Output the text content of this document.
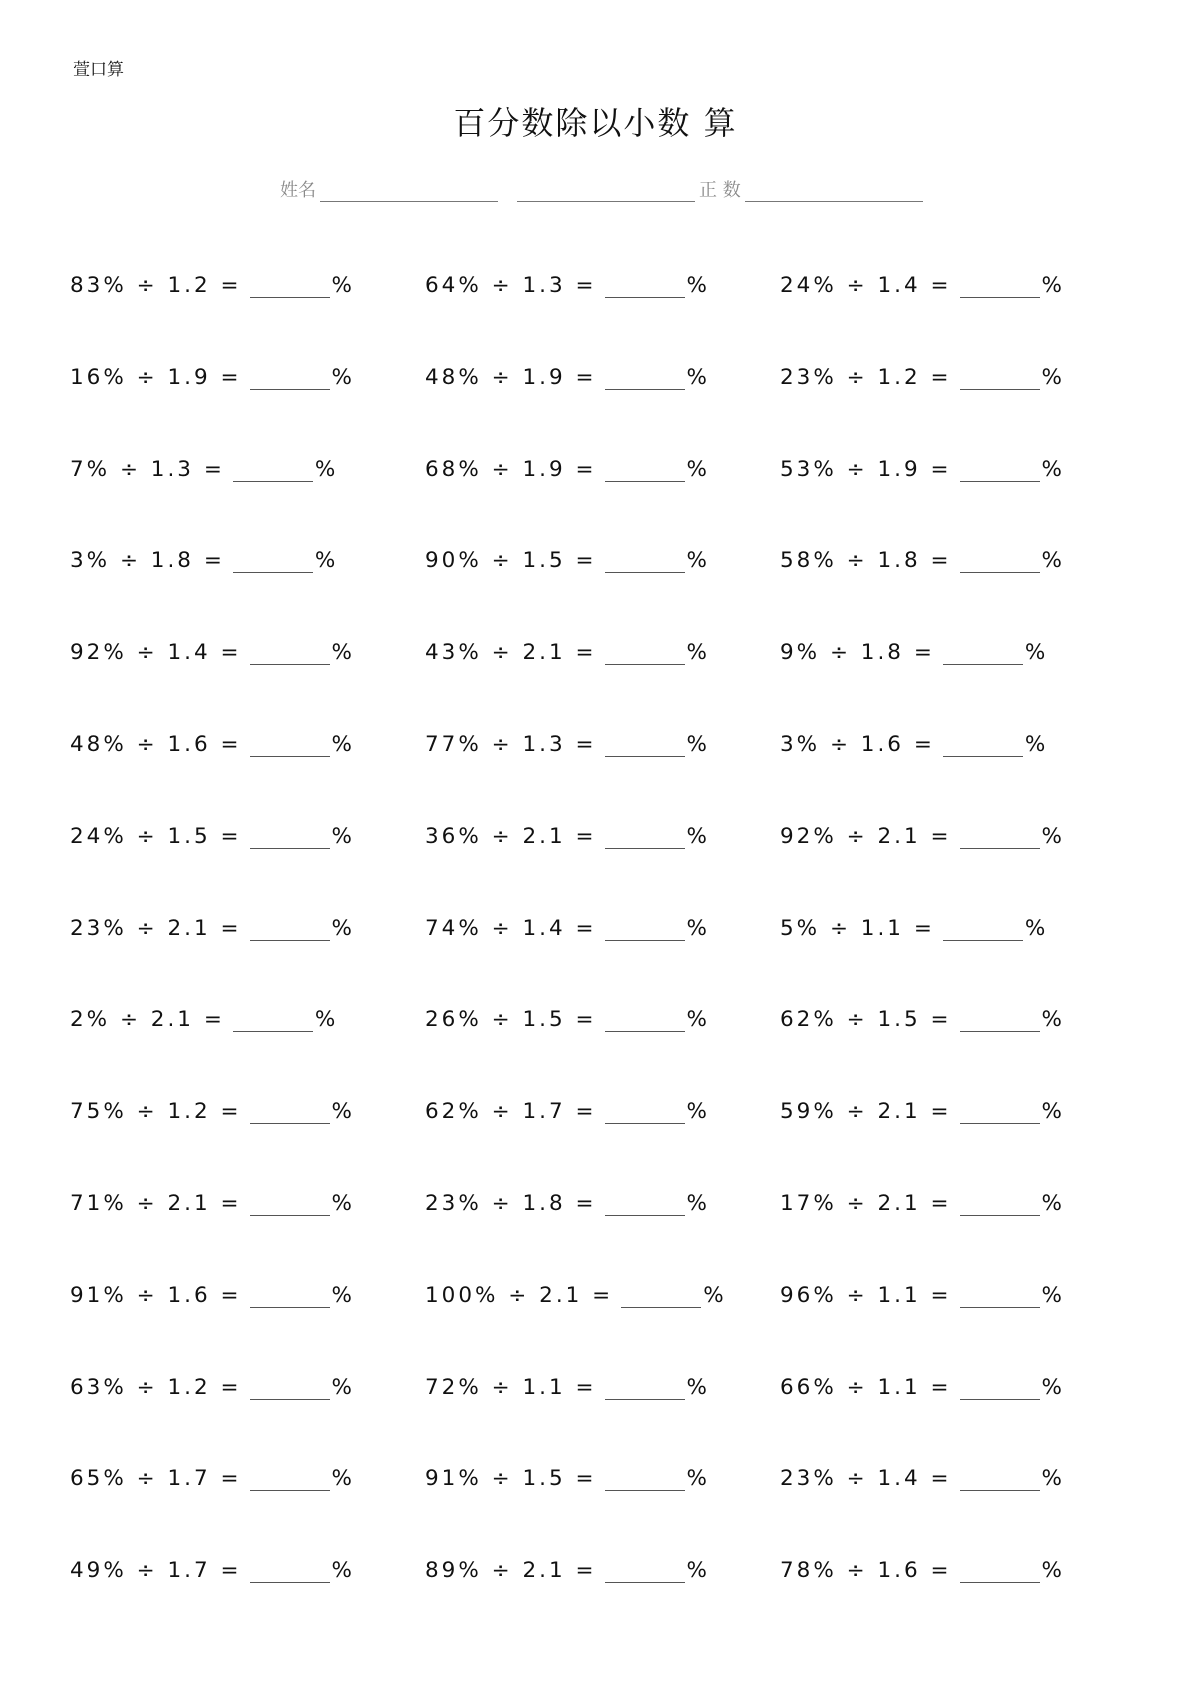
萱口算
百分数除以小数 算
姓名	正 数
83% ÷ 1.2 =	%	64% ÷ 1.3 =	%	24% ÷ 1.4 =	%
16% ÷ 1.9 =	%	48% ÷ 1.9 =	%	23% ÷ 1.2 =	%
7% ÷ 1.3 =	%	68% ÷ 1.9 =	%	53% ÷ 1.9 =	%
3% ÷ 1.8 =	%	90% ÷ 1.5 =	%	58% ÷ 1.8 =	%
92% ÷ 1.4 =	%	43% ÷ 2.1 =	%	9% ÷ 1.8 =	%
48% ÷ 1.6 =	%	77% ÷ 1.3 =	%	3% ÷ 1.6 =	%
24% ÷ 1.5 =	%	36% ÷ 2.1 =	%	92% ÷ 2.1 =	%
23% ÷ 2.1 =	%	74% ÷ 1.4 =	%	5% ÷ 1.1 =	%
2% ÷ 2.1 =	%	26% ÷ 1.5 =	%	62% ÷ 1.5 =	%
75% ÷ 1.2 =	%	62% ÷ 1.7 =	%	59% ÷ 2.1 =	%
71% ÷ 2.1 =	%	23% ÷ 1.8 =	%	17% ÷ 2.1 =	%
91% ÷ 1.6 =	%	100% ÷ 2.1 =	% 96% ÷ 1.1 =	%
63% ÷ 1.2 =	%	72% ÷ 1.1 =	%	66% ÷ 1.1 =	%
65% ÷ 1.7 =	%	91% ÷ 1.5 =	%	23% ÷ 1.4 =	%
49% ÷ 1.7 =	%	89% ÷ 2.1 =	%	78% ÷ 1.6 =	%
